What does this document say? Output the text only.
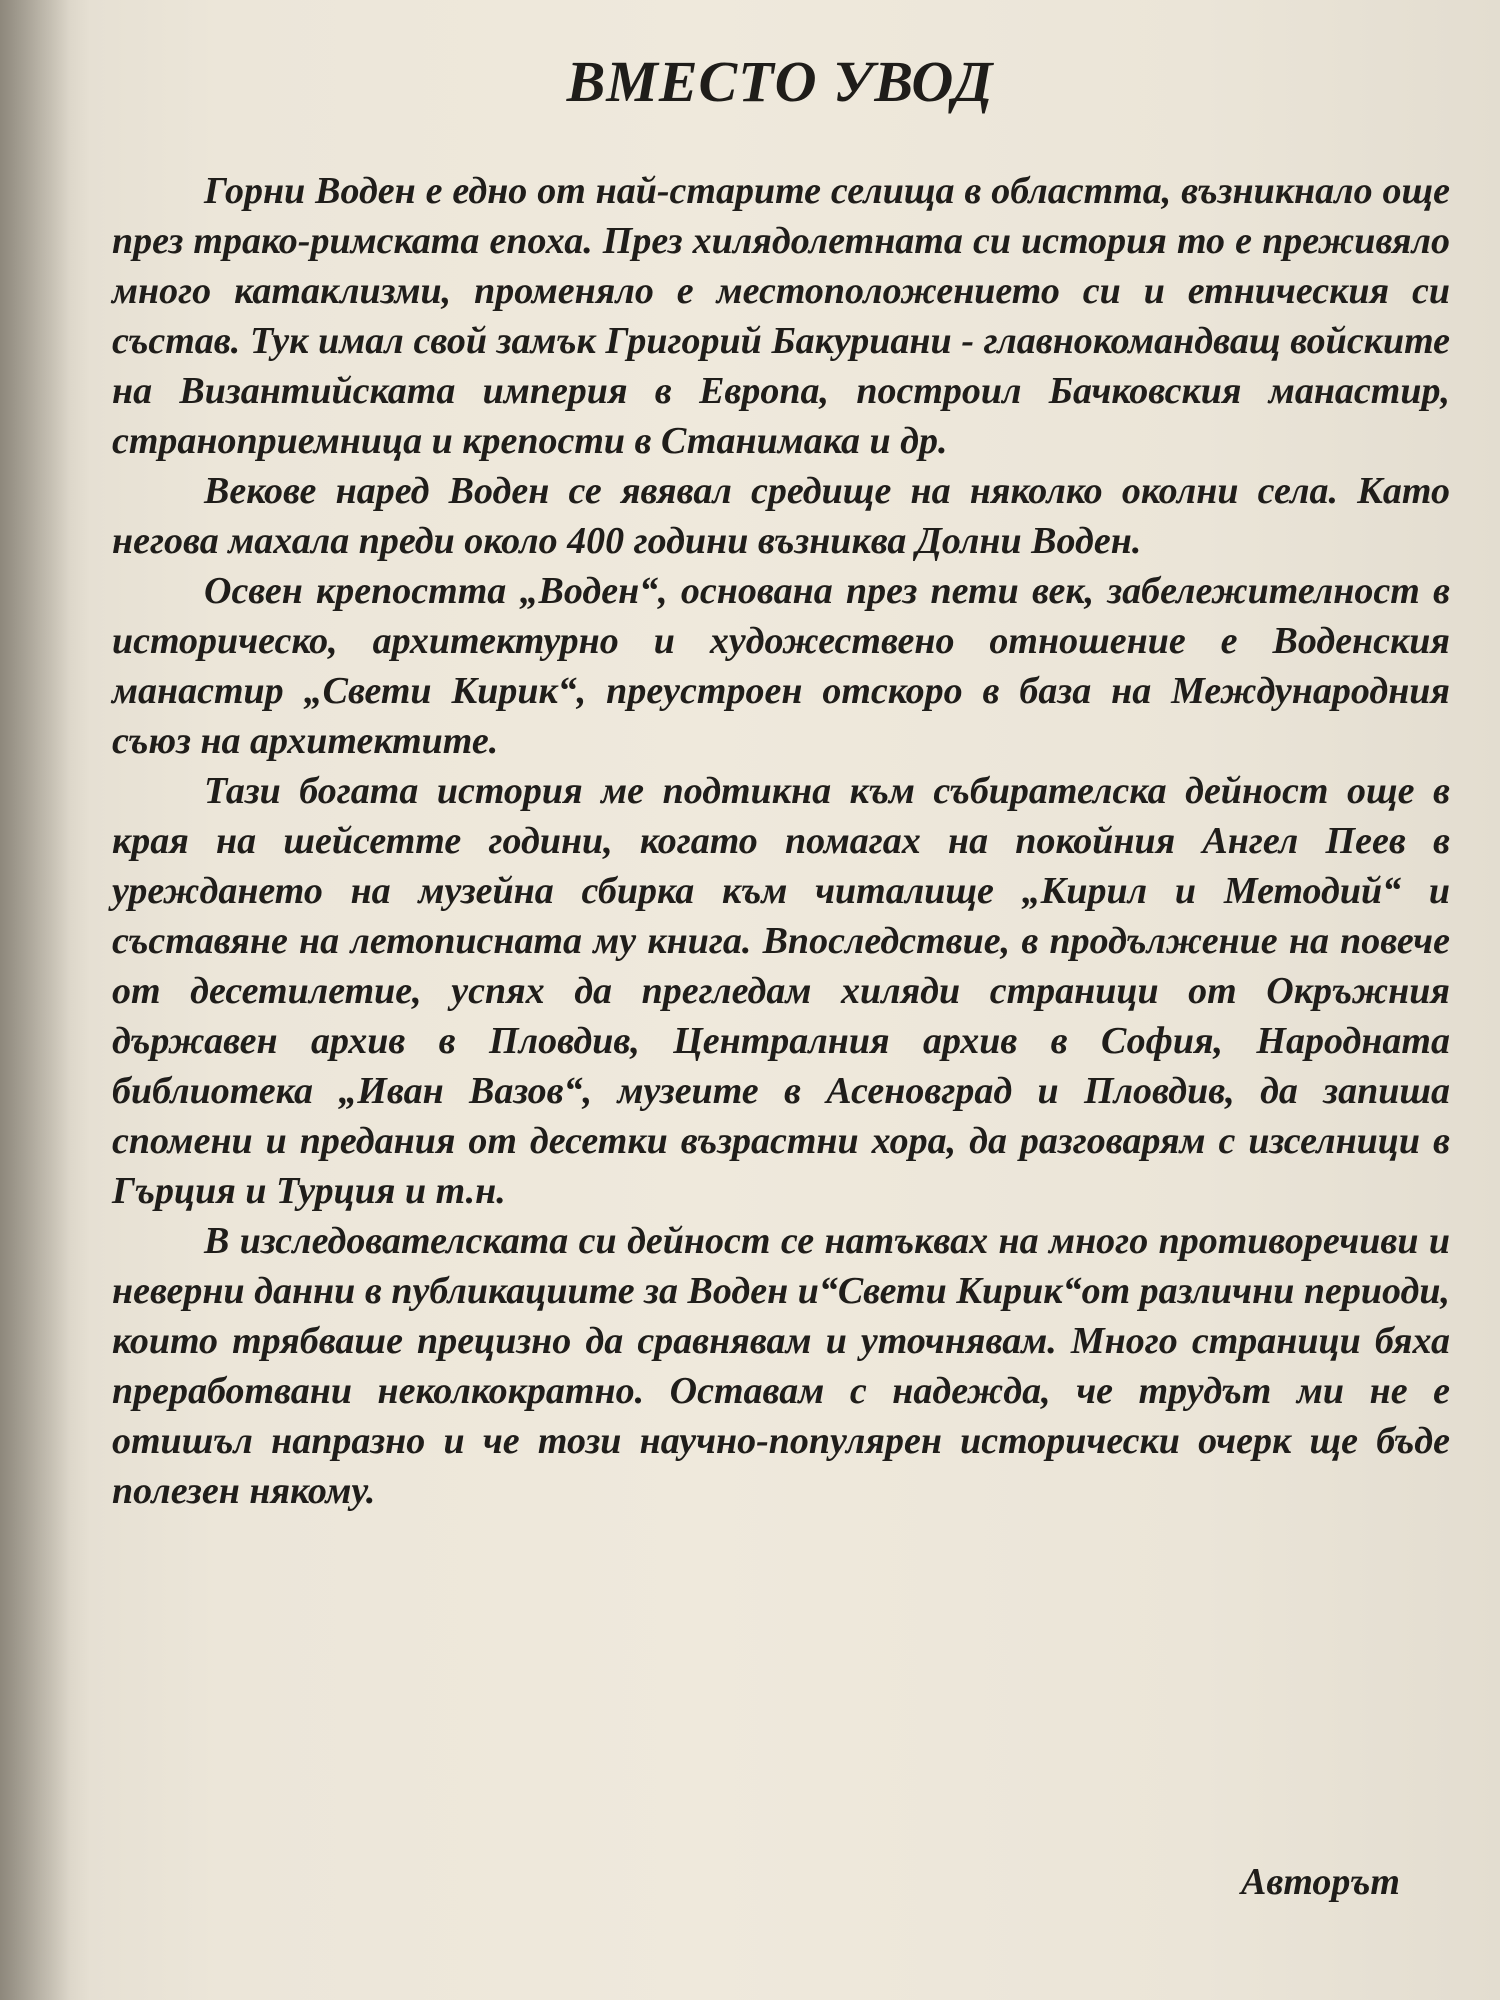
ВМЕСТО УВОД

Горни Воден е едно от най-старите селища в областта, възникнало още през трако-римската епоха. През хилядолетната си история то е преживяло много катаклизми, променяло е местоположението си и етническия си състав. Тук имал свой замък Григорий Бакуриани - главнокомандващ войските на Византийската империя в Европа, построил Бачковския манастир, страноприемница и крепости в Станимака и др.

Векове наред Воден се явявал средище на няколко околни села. Като негова махала преди около 400 години възниква Долни Воден.

Освен крепостта „Воден“, основана през пети век, забележителност в историческо, архитектурно и художествено отношение е Воденския манастир „Свети Кирик“, преустроен отскоро в база на Международния съюз на архитектите.

Тази богата история ме подтикна към събирателска дейност още в края на шейсетте години, когато помагах на покойния Ангел Пеев в уреждането на музейна сбирка към читалище „Кирил и Методий“ и съставяне на летописната му книга. Впоследствие, в продължение на повече от десетилетие, успях да прегледам хиляди страници от Окръжния държавен архив в Пловдив, Централния архив в София, Народната библиотека „Иван Вазов“, музеите в Асеновград и Пловдив, да запиша спомени и предания от десетки възрастни хора, да разговарям с изселници в Гърция и Турция и т.н.

В изследователската си дейност се натъквах на много противоречиви и неверни данни в публикациите за Воден и“Свети Кирик“от различни периоди, които трябваше прецизно да сравнявам и уточнявам. Много страници бяха преработвани неколкократно. Оставам с надежда, че трудът ми не е отишъл напразно и че този научно-популярен исторически очерк ще бъде полезен някому.

Авторът
